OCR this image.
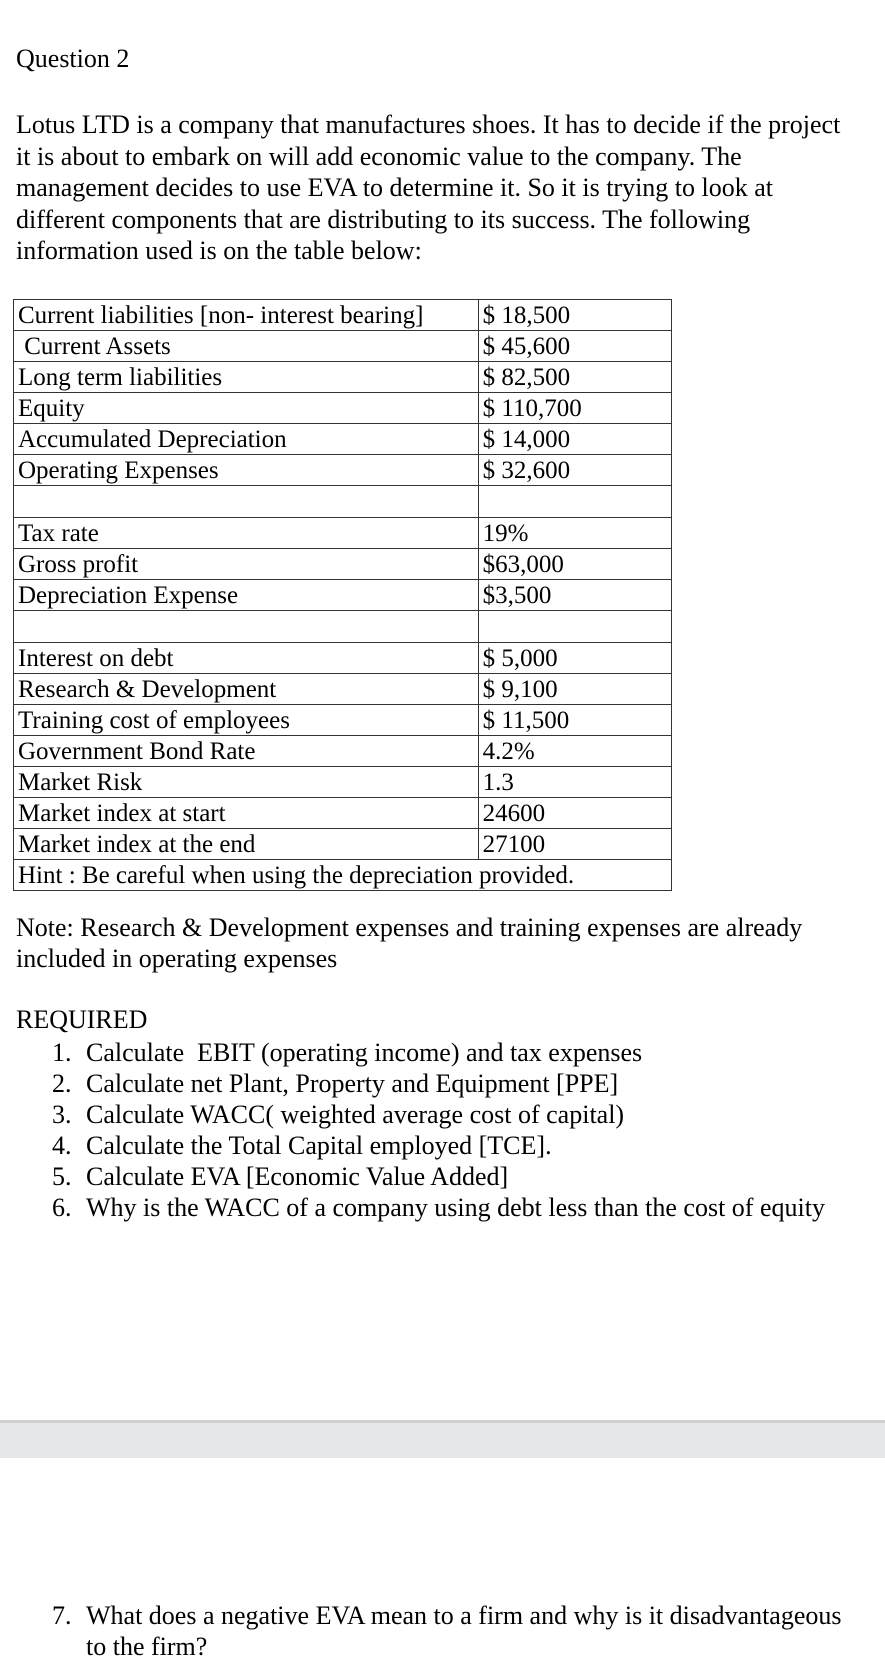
Question 2
Lotus LTD is a company that manufactures shoes. It has to decide if the project it is about to embark on will add economic value to the company. The management decides to use EVA to determine it. So it is trying to look at different components that are distributing to its success. The following information used is on the table below:
Current liabilities [non- interest bearing]	$ 18,500
Current Assets	$ 45,600
Long term liabilities	$ 82,500
Equity	$ 110,700
Accumulated Depreciation	$ 14,000
Operating Expenses	$ 32,600

Tax rate	19%
Gross profit	$63,000
Depreciation Expense	$3,500

Interest on debt	$ 5,000
Research & Development	$ 9,100
Training cost of employees	$ 11,500
Government Bond Rate	4.2%
Market Risk	1.3
Market index at start	24600
Market index at the end	27100
Hint : Be careful when using the depreciation provided.	
Note: Research & Development expenses and training expenses are already included in operating expenses
REQUIRED
1. Calculate  EBIT (operating income) and tax expenses
2. Calculate net Plant, Property and Equipment [PPE]
3. Calculate WACC( weighted average cost of capital)
4. Calculate the Total Capital employed [TCE].
5. Calculate EVA [Economic Value Added]
6. Why is the WACC of a company using debt less than the cost of equity
7. What does a negative EVA mean to a firm and why is it disadvantageous to the firm?
